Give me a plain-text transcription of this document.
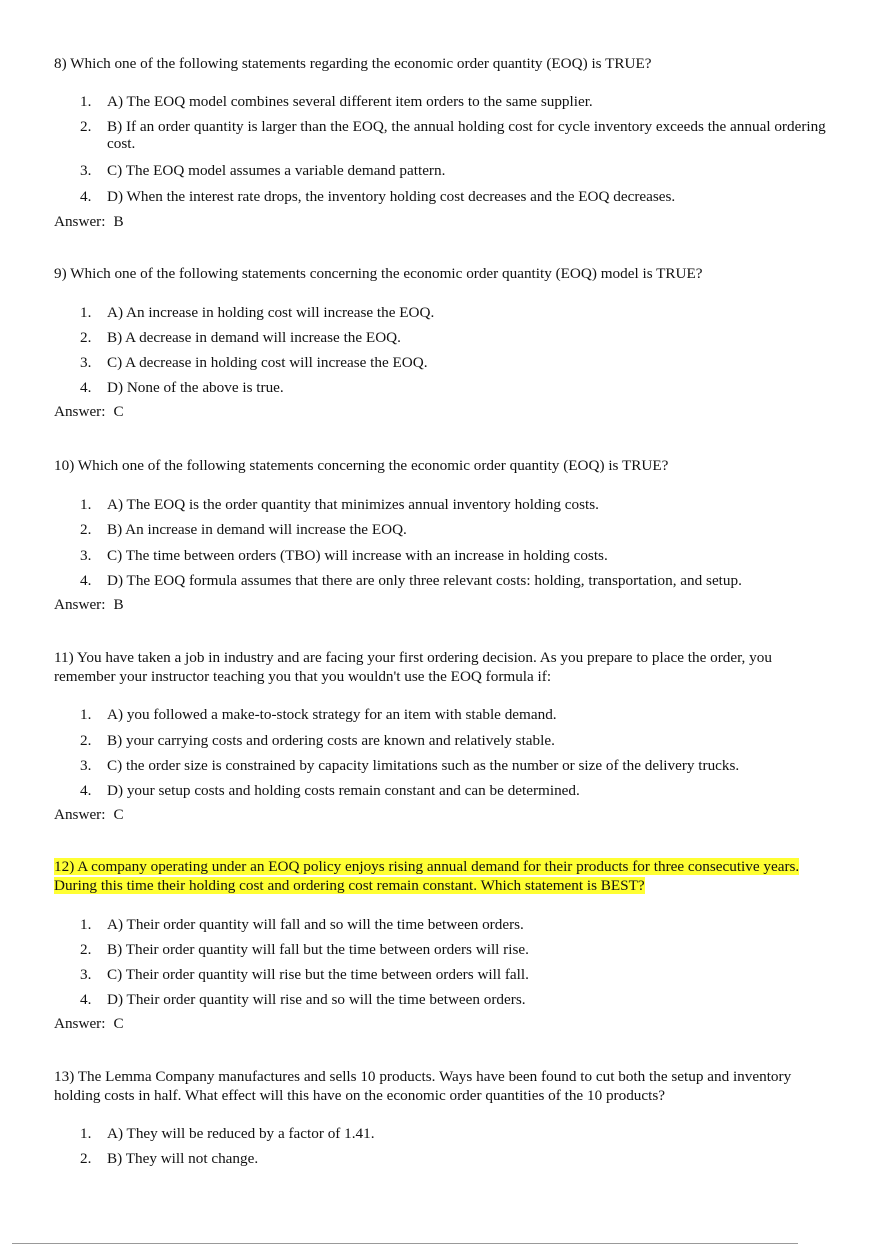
8) Which one of the following statements regarding the economic order quantity (EOQ) is TRUE?

1. A) The EOQ model combines several different item orders to the same supplier.
2. B) If an order quantity is larger than the EOQ, the annual holding cost for cycle inventory exceeds the annual ordering cost.
3. C) The EOQ model assumes a variable demand pattern.
4. D) When the interest rate drops, the inventory holding cost decreases and the EOQ decreases.

Answer: B

9) Which one of the following statements concerning the economic order quantity (EOQ) model is TRUE?

1. A) An increase in holding cost will increase the EOQ.
2. B) A decrease in demand will increase the EOQ.
3. C) A decrease in holding cost will increase the EOQ.
4. D) None of the above is true.

Answer: C

10) Which one of the following statements concerning the economic order quantity (EOQ) is TRUE?

1. A) The EOQ is the order quantity that minimizes annual inventory holding costs.
2. B) An increase in demand will increase the EOQ.
3. C) The time between orders (TBO) will increase with an increase in holding costs.
4. D) The EOQ formula assumes that there are only three relevant costs: holding, transportation, and setup.

Answer: B

11) You have taken a job in industry and are facing your first ordering decision. As you prepare to place the order, you remember your instructor teaching you that you wouldn't use the EOQ formula if:

1. A) you followed a make-to-stock strategy for an item with stable demand.
2. B) your carrying costs and ordering costs are known and relatively stable.
3. C) the order size is constrained by capacity limitations such as the number or size of the delivery trucks.
4. D) your setup costs and holding costs remain constant and can be determined.

Answer: C

12) A company operating under an EOQ policy enjoys rising annual demand for their products for three consecutive years. During this time their holding cost and ordering cost remain constant. Which statement is BEST?

1. A) Their order quantity will fall and so will the time between orders.
2. B) Their order quantity will fall but the time between orders will rise.
3. C) Their order quantity will rise but the time between orders will fall.
4. D) Their order quantity will rise and so will the time between orders.

Answer: C

13) The Lemma Company manufactures and sells 10 products. Ways have been found to cut both the setup and inventory holding costs in half. What effect will this have on the economic order quantities of the 10 products?

1. A) They will be reduced by a factor of 1.41.
2. B) They will not change.
